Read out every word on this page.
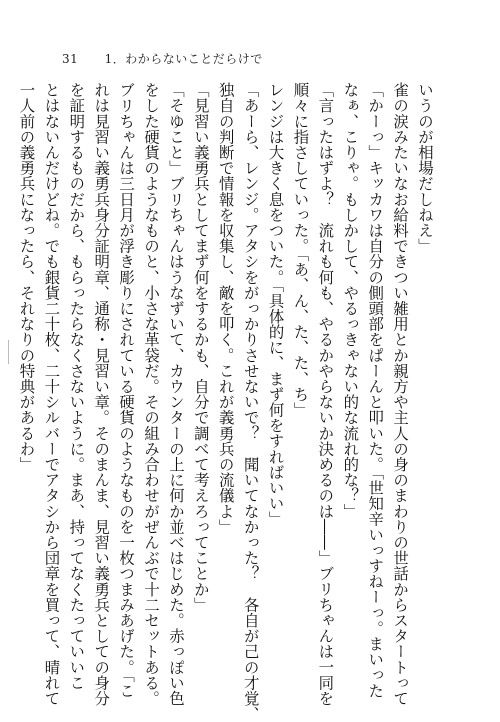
31 1．わからないことだらけで
いうのが相場だしねえ」
雀の涙みたいなお給料できつい雑用とか親方や主人の身のまわりの世話からスタートって
「かーっ」キッカワは自分の側頭部をぱーんと叩いた。「世知辛いっすねーっ。まいった
なぁ、こりゃ。もしかして、やるっきゃない的な流れ的な？」
「言ったはずよ？　流れも何も、やるかやらないか決めるのは――」ブリちゃんは一同を
順々に指さしていった。「あ、ん、た、た、ち」
レンジは大きく息をついた。「具体的に、まず何をすればいい」
「あーら、レンジ。アタシをがっかりさせないで？　聞いてなかった？　各自が己の才覚、
独自の判断で情報を収集し、敵を叩く。これが義勇兵の流儀よ」
「見習い義勇兵としてまず何をするかも、自分で調べて考えろってことか」
「そゆこと」ブリちゃんはうなずいて、カウンターの上に何か並べはじめた。赤っぽい色
をした硬貨のようなものと、小さな革袋だ。その組み合わせがぜんぶで十二セットある。
ブリちゃんは三日月が浮き彫りにされている硬貨のようなものを一枚つまみあげた。「こ
れは見習い義勇兵身分証明章、通称・見習い章。そのまんま、見習い義勇兵としての身分
を証明するものだから、もらったらなくさないように。まあ、持ってなくたっていいこ
とはないんだけどね。でも銀貨二十枚、二十シルバーでアタシから団章を買って、晴れて
一人前の義勇兵になったら、それなりの特典があるわ」
